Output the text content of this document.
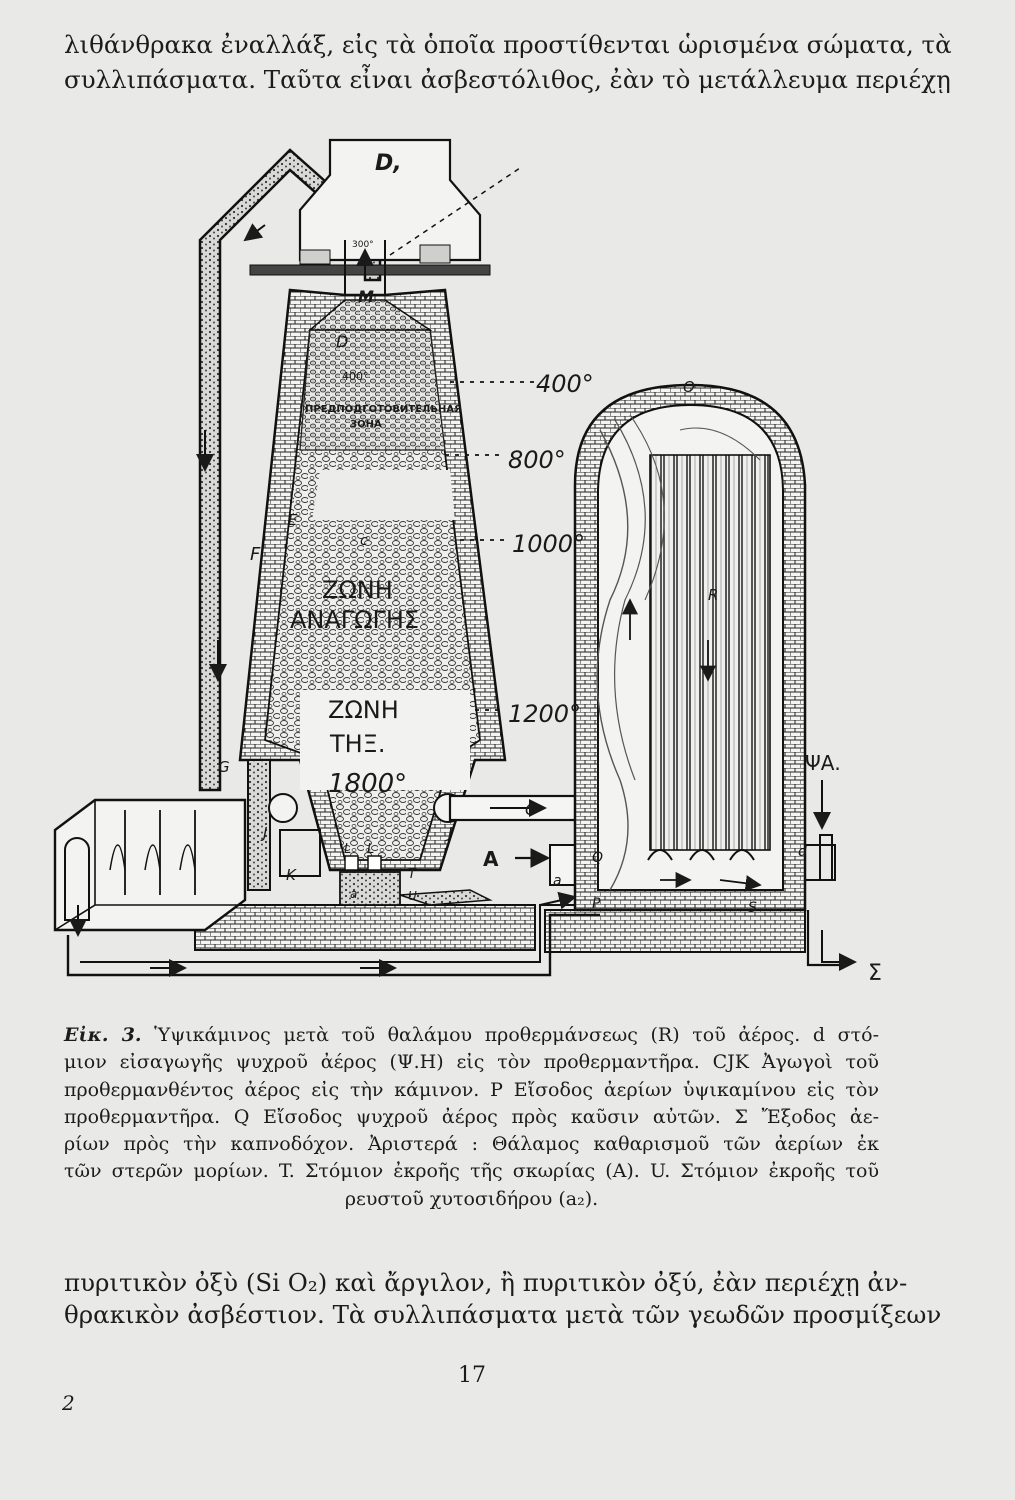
λιθάνθρακα ἐναλλάξ, εἰς τὰ ὁποῖα προστίθενται ὡρισμένα σώματα, τὰ
συλλιπάσματα. Ταῦτα εἶναι ἀσβεστόλιθος, ἐὰν τὸ μετάλλευμα περιέχῃ
D,
300°
M
D
400°
ПРЕДПОДГОТОВИТЕЛЬНАЯ
ЗОНА
E
c
F
ΖΩΝΗ
ΑΝΑΓΩΓΗΣ
ΖΩΝΗ
ΤΗΞ.
1800°
G
J	J
K
L L
T
U
a
C
A
a
Q
P	S
R
O
d
ΨΑ.
Σ
400°
800°
1000°
1200°
Εἰκ. 3. Ὑψικάμινος μετὰ τοῦ θαλάμου προθερμάνσεως (R) τοῦ ἀέρος. d στό-
μιον εἰσαγωγῆς ψυχροῦ ἀέρος (Ψ.Η) εἰς τὸν προθερμαντῆρα. CJK Ἀγωγοὶ τοῦ
προθερμανθέντος ἀέρος εἰς τὴν κάμινον. P Εἴσοδος ἀερίων ὑψικαμίνου εἰς τὸν
προθερμαντῆρα. Q Εἴσοδος ψυχροῦ ἀέρος πρὸς καῦσιν αὐτῶν. Σ Ἔξοδος ἀε-
ρίων πρὸς τὴν καπνοδόχον. Ἀριστερά : Θάλαμος καθαρισμοῦ τῶν ἀερίων ἐκ
τῶν στερῶν μορίων. T. Στόμιον ἐκροῆς τῆς σκωρίας (A). U. Στόμιον ἐκροῆς τοῦ
ρευστοῦ χυτοσιδήρου (a₂).
πυριτικὸν ὀξὺ (Si O₂) καὶ ἄργιλον, ἢ πυριτικὸν ὀξύ, ἐὰν περιέχῃ ἀν-
θρακικὸν ἀσβέστιον. Τὰ συλλιπάσματα μετὰ τῶν γεωδῶν προσμίξεων
17
2
